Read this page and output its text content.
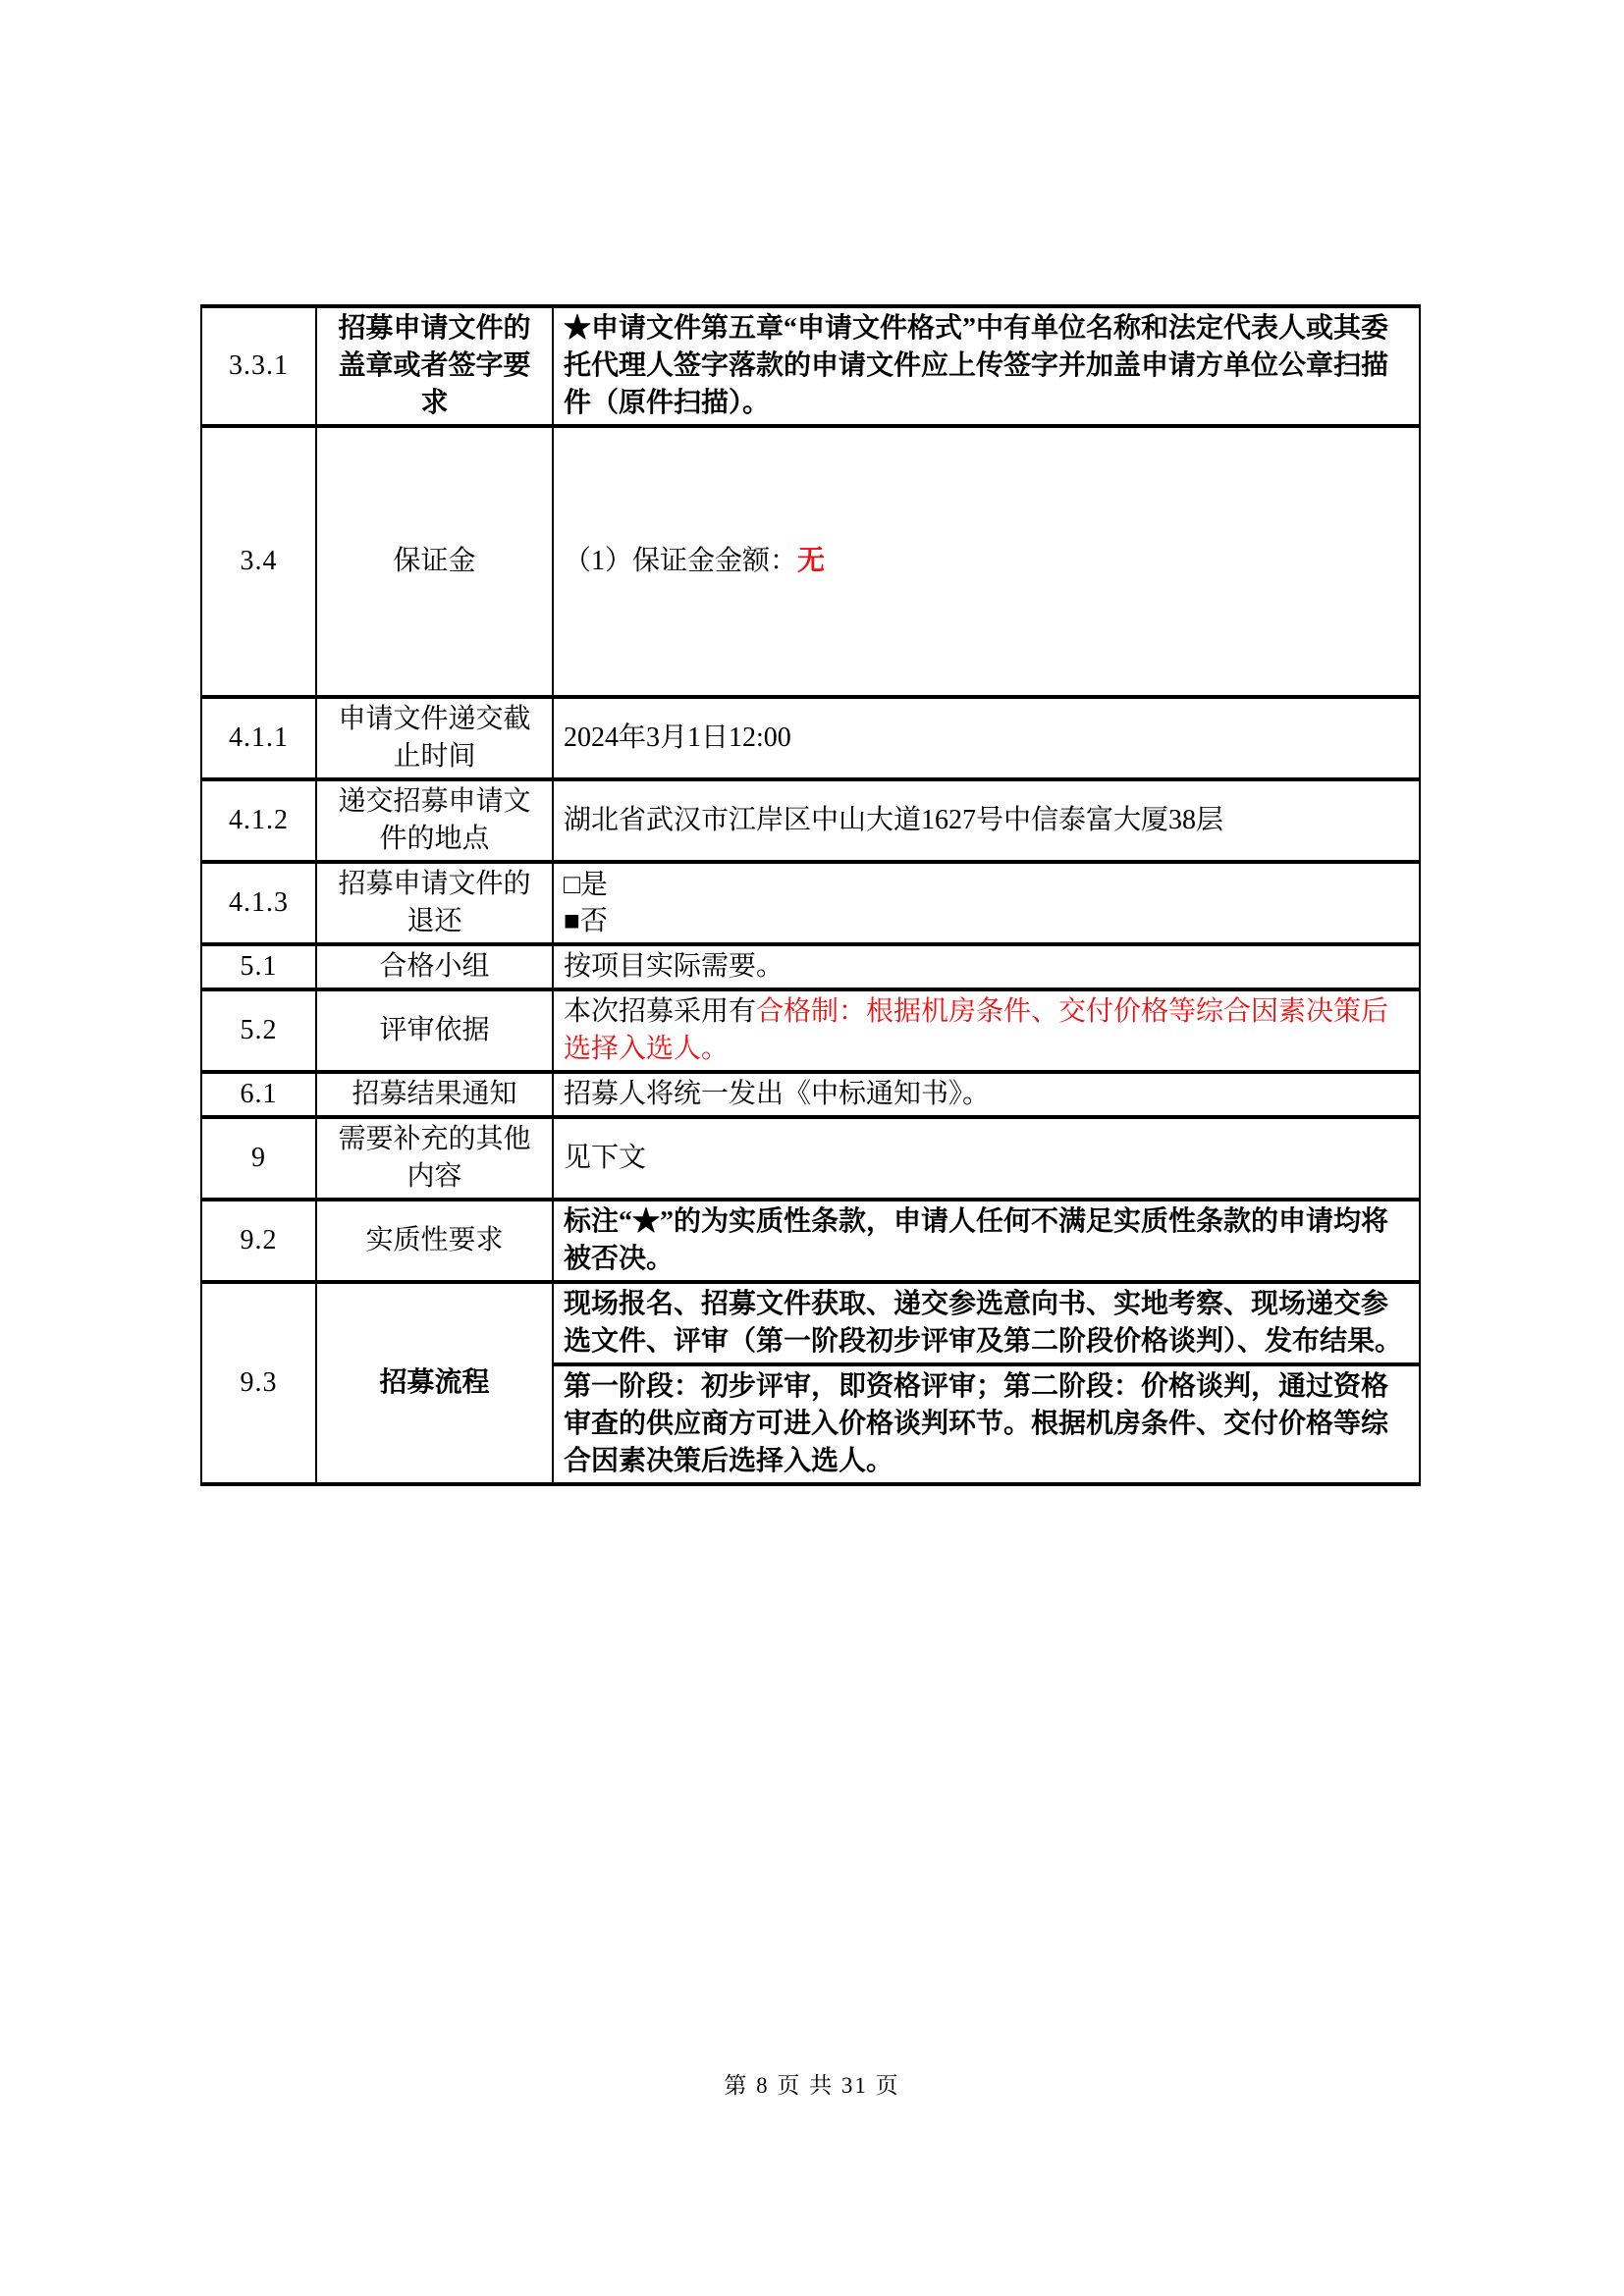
3.3.1	招募申请文件的盖章或者签字要求	★申请文件第五章“申请文件格式”中有单位名称和法定代表人或其委托代理人签字落款的申请文件应上传签字并加盖申请方单位公章扫描件（原件扫描）。
3.4	保证金	（1）保证金金额：无
4.1.1	申请文件递交截止时间	2024年3月1日12:00
4.1.2	递交招募申请文件的地点	湖北省武汉市江岸区中山大道1627号中信泰富大厦38层
4.1.3	招募申请文件的退还	□是
■否

5.1	合格小组	按项目实际需要。
5.2	评审依据	本次招募采用有合格制：根据机房条件、交付价格等综合因素决策后选择入选人。
6.1	招募结果通知	招募人将统一发出《中标通知书》。
9	需要补充的其他内容	见下文
9.2	实质性要求	标注“★”的为实质性条款，申请人任何不满足实质性条款的申请均将被否决。
9.3	招募流程	现场报名、招募文件获取、递交参选意向书、实地考察、现场递交参选文件、评审（第一阶段初步评审及第二阶段价格谈判）、发布结果。
		第一阶段：初步评审，即资格评审；第二阶段：价格谈判，通过资格审查的供应商方可进入价格谈判环节。根据机房条件、交付价格等综合因素决策后选择入选人。
第 8 页 共 31 页
